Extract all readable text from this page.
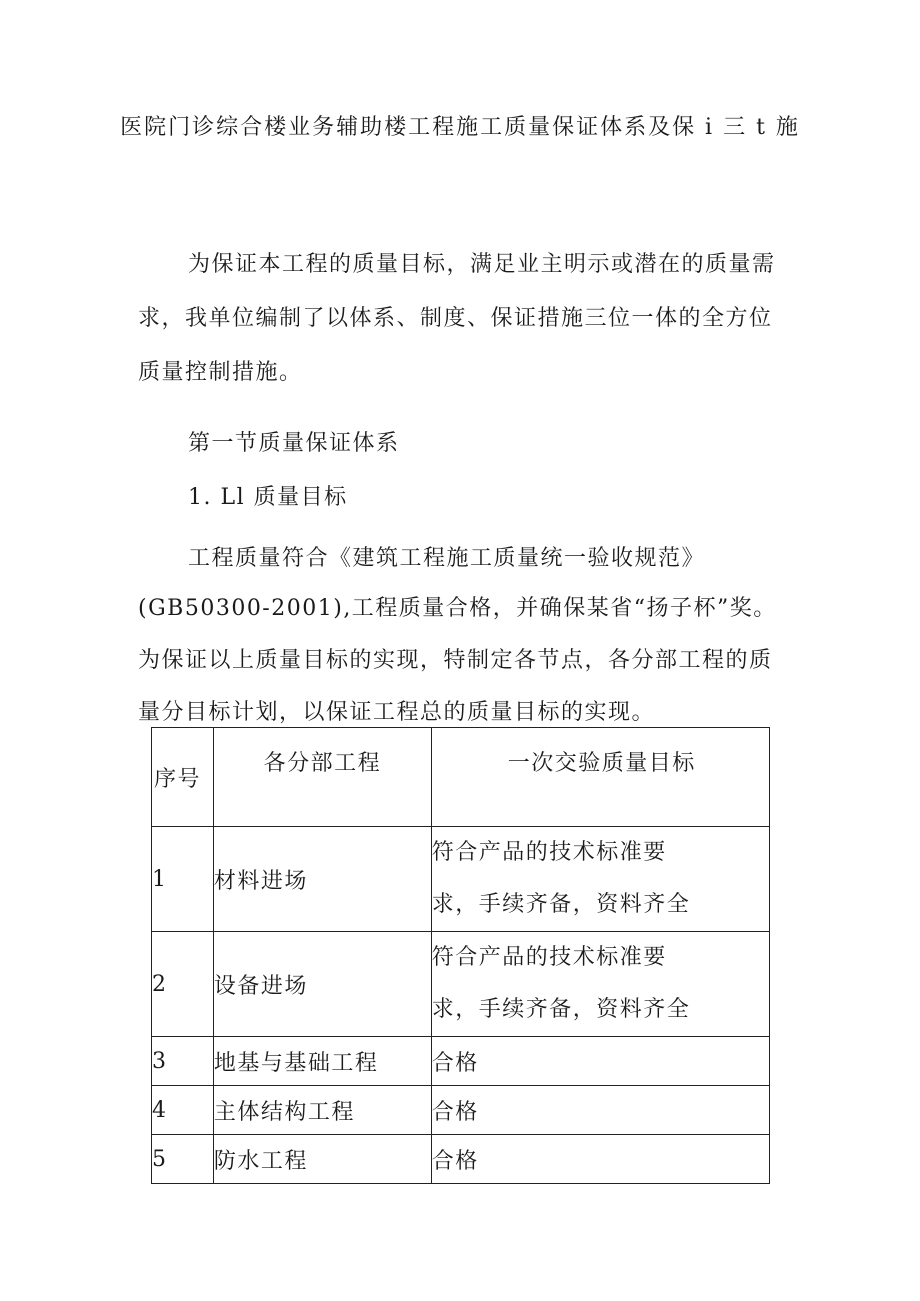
医院门诊综合楼业务辅助楼工程施工质量保证体系及保 i 三 t 施

为保证本工程的质量目标，满足业主明示或潜在的质量需求，我单位编制了以体系、制度、保证措施三位一体的全方位质量控制措施。

第一节质量保证体系

1. Ll 质量目标

工程质量符合《建筑工程施工质量统一验收规范》

(GB50300-2001),工程质量合格，并确保某省“扬子杯”奖。为保证以上质量目标的实现，特制定各节点，各分部工程的质量分目标计划，以保证工程总的质量目标的实现。

序号	各分部工程	一次交验质量目标
1	材料进场	符合产品的技术标准要
求，手续齐备，资料齐全

2	设备进场	符合产品的技术标准要
求，手续齐备，资料齐全

3	地基与基础工程	合格
4	主体结构工程	合格
5	防水工程	合格
